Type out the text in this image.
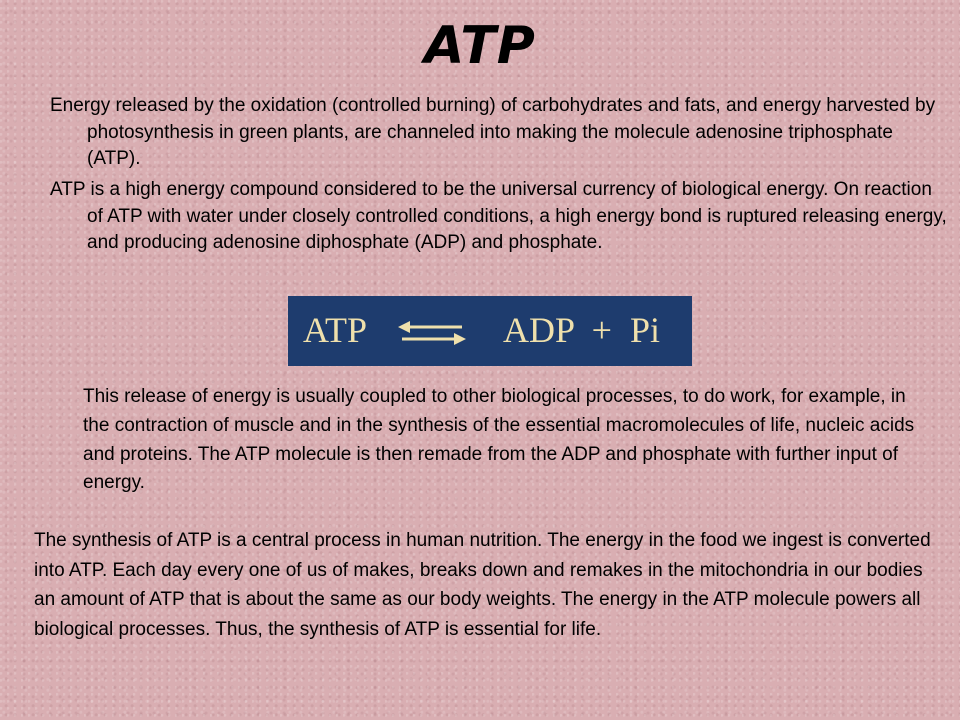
ATP

Energy released by the oxidation (controlled burning) of carbohydrates and fats, and energy harvested by photosynthesis in green plants, are channeled into making the molecule adenosine triphosphate (ATP).

ATP is a high energy compound considered to be the universal currency of biological energy. On reaction of ATP with water under closely controlled conditions, a high energy bond is ruptured releasing energy, and producing adenosine diphosphate (ADP) and phosphate.

ATP	ADP  +  Pi

This release of energy is usually coupled to other biological processes, to do work, for example, in the contraction of muscle and in the synthesis of the essential macromolecules of life, nucleic acids and proteins. The ATP molecule is then remade from the ADP and phosphate with further input of energy.

The synthesis of ATP is a central process in human nutrition. The energy in the food we ingest is converted into ATP. Each day every one of us of makes, breaks down and remakes in the mitochondria in our bodies an amount of ATP that is about the same as our body weights. The energy in the ATP molecule powers all biological processes. Thus, the synthesis of ATP is essential for life.
